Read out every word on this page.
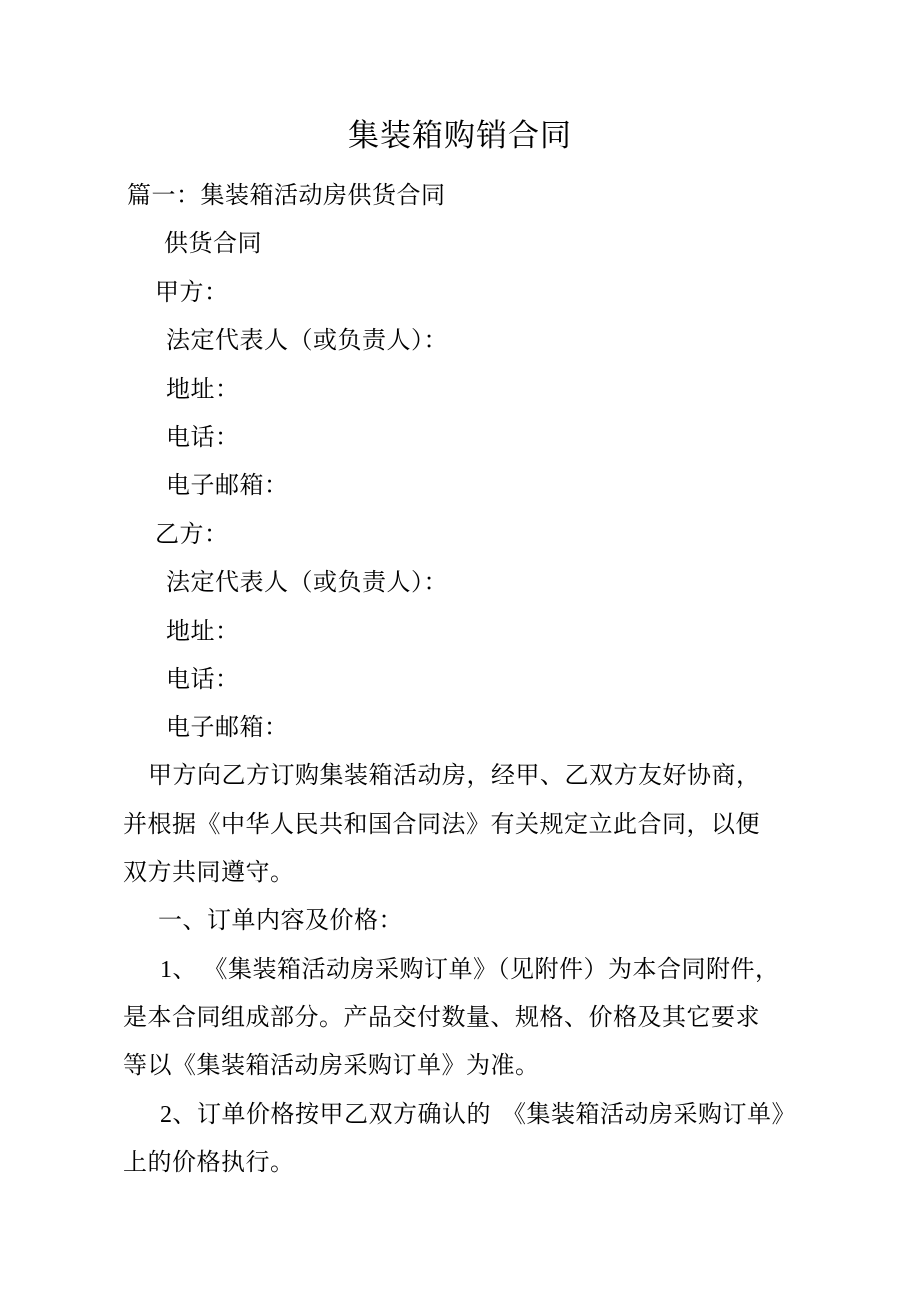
集装箱购销合同
篇一：集装箱活动房供货合同
供货合同
甲方：
法定代表人（或负责人）：
地址：
电话：
电子邮箱：
乙方：
法定代表人（或负责人）：
地址：
电话：
电子邮箱：
甲方向乙方订购集装箱活动房，经甲、乙双方友好协商，
并根据《中华人民共和国合同法》有关规定立此合同，以便
双方共同遵守。
一、订单内容及价格：
1、 《集装箱活动房采购订单》（见附件）为本合同附件，
是本合同组成部分。产品交付数量、规格、价格及其它要求
等以《集装箱活动房采购订单》为准。
2、订单价格按甲乙双方确认的 《集装箱活动房采购订单》
上的价格执行。
